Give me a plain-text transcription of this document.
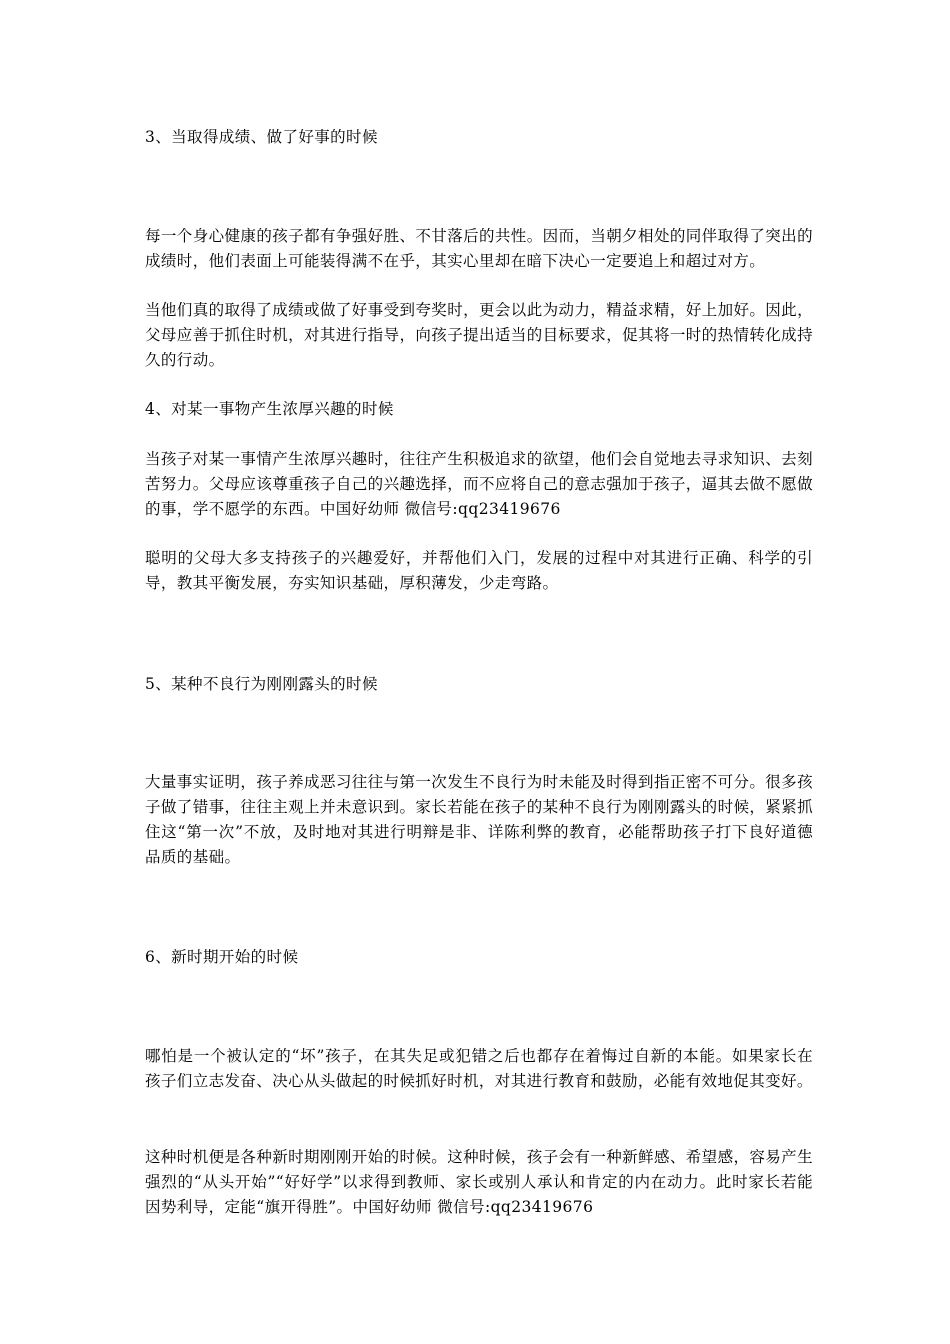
3、当取得成绩、做了好事的时候

每一个身心健康的孩子都有争强好胜、不甘落后的共性。因而，当朝夕相处的同伴取得了突出的成绩时，他们表面上可能装得满不在乎，其实心里却在暗下决心一定要追上和超过对方。

当他们真的取得了成绩或做了好事受到夸奖时，更会以此为动力，精益求精，好上加好。因此，父母应善于抓住时机，对其进行指导，向孩子提出适当的目标要求，促其将一时的热情转化成持久的行动。

4、对某一事物产生浓厚兴趣的时候

当孩子对某一事情产生浓厚兴趣时，往往产生积极追求的欲望，他们会自觉地去寻求知识、去刻苦努力。父母应该尊重孩子自己的兴趣选择，而不应将自己的意志强加于孩子，逼其去做不愿做的事，学不愿学的东西。中国好幼师 微信号:qq23419676

聪明的父母大多支持孩子的兴趣爱好，并帮他们入门，发展的过程中对其进行正确、科学的引导，教其平衡发展，夯实知识基础，厚积薄发，少走弯路。

5、某种不良行为刚刚露头的时候

大量事实证明，孩子养成恶习往往与第一次发生不良行为时未能及时得到指正密不可分。很多孩子做了错事，往往主观上并未意识到。家长若能在孩子的某种不良行为刚刚露头的时候，紧紧抓住这“第一次”不放，及时地对其进行明辩是非、详陈利弊的教育，必能帮助孩子打下良好道德品质的基础。

6、新时期开始的时候

哪怕是一个被认定的“坏”孩子，在其失足或犯错之后也都存在着悔过自新的本能。如果家长在孩子们立志发奋、决心从头做起的时候抓好时机，对其进行教育和鼓励，必能有效地促其变好。

这种时机便是各种新时期刚刚开始的时候。这种时候，孩子会有一种新鲜感、希望感，容易产生强烈的“从头开始”“好好学”以求得到教师、家长或别人承认和肯定的内在动力。此时家长若能因势利导，定能“旗开得胜”。中国好幼师 微信号:qq23419676
